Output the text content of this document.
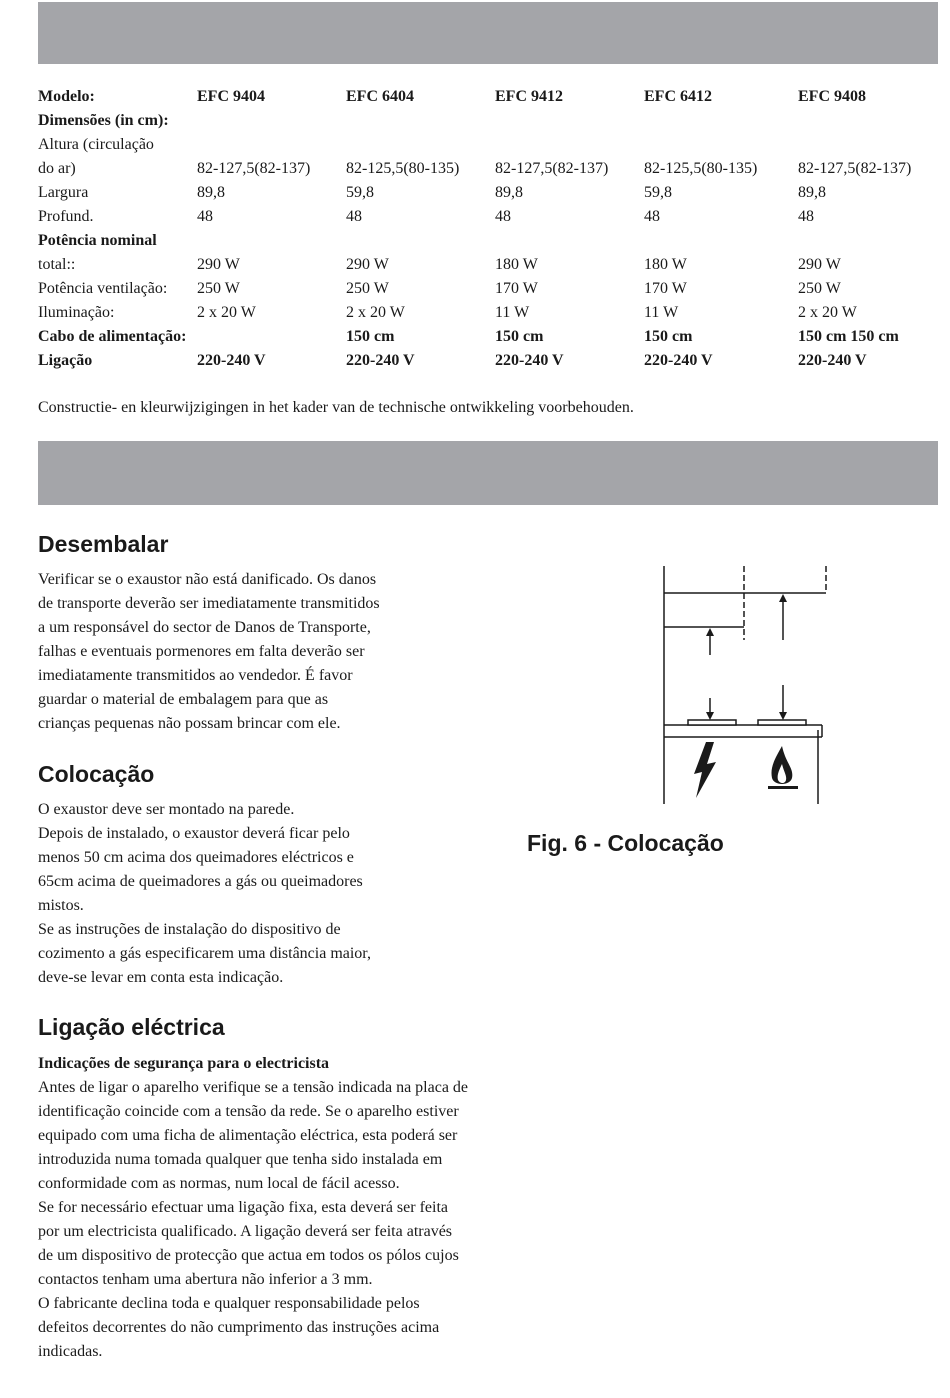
Modelo:	EFC 9404	EFC 6404	EFC 9412	EFC 6412	EFC 9408
Dimensões (in cm):					
Altura (circulação					
do ar)	82-127,5(82-137)	82-125,5(80-135)	82-127,5(82-137)	82-125,5(80-135)	82-127,5(82-137)
Largura	89,8	59,8	89,8	59,8	89,8
Profund.	48	48	48	48	48
Potência nominal					
total::	290 W	290 W	180 W	180 W	290 W
Potência ventilação:	250 W	250 W	170 W	170 W	250 W
Iluminação:	2 x 20 W	2 x 20 W	11 W	11 W	2 x 20 W
Cabo de alimentação:		150 cm	150 cm	150 cm	150 cm 150 cm
Ligação	220-240 V	220-240 V	220-240 V	220-240 V	220-240 V
Constructie- en kleurwijzigingen in het kader van de technische ontwikkeling voorbehouden.
Desembalar
Verificar se o exaustor não está danificado. Os danos
de transporte deverão ser imediatamente transmitidos
a um responsável do sector de Danos de Transporte,
falhas e eventuais pormenores em falta deverão ser
imediatamente transmitidos ao vendedor. É favor
guardar o material de embalagem para que as
crianças pequenas não possam brincar com ele.
Colocação
O exaustor deve ser montado na parede.
Depois de instalado, o exaustor deverá ficar pelo
menos 50 cm acima dos queimadores eléctricos e
65cm acima de queimadores a gás ou queimadores
mistos.
Se as instruções de instalação do dispositivo de
cozimento a gás especificarem uma distância maior,
deve-se levar em conta esta indicação.
Fig. 6 - Colocação
Ligação eléctrica
Indicações de segurança para o electricista
Antes de ligar o aparelho verifique se a tensão indicada na placa de
identificação coincide com a tensão da rede. Se o aparelho estiver
equipado com uma ficha de alimentação eléctrica, esta poderá ser
introduzida numa tomada qualquer que tenha sido instalada em
conformidade com as normas, num local de fácil acesso.
Se for necessário efectuar uma ligação fixa, esta deverá ser feita
por um electricista qualificado. A ligação deverá ser feita através
de um dispositivo de protecção que actua em todos os pólos cujos
contactos tenham uma abertura não inferior a 3 mm.
O fabricante declina toda e qualquer responsabilidade pelos
defeitos decorrentes do não cumprimento das instruções acima
indicadas.
